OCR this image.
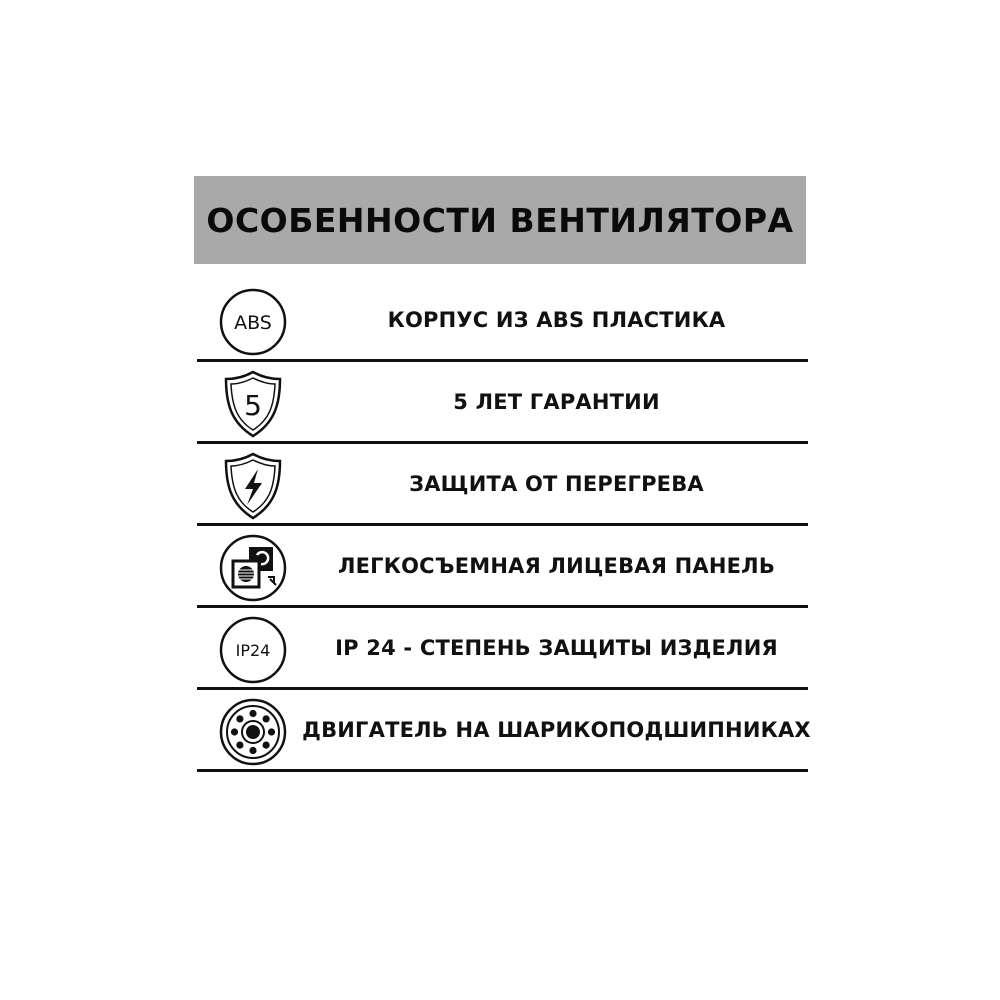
ОСОБЕННОСТИ ВЕНТИЛЯТОРА
ABS	КОРПУС ИЗ ABS ПЛАСТИКА
5	5 ЛЕТ ГАРАНТИИ
ЗАЩИТА ОТ ПЕРЕГРЕВА
ЛЕГКОСЪЕМНАЯ ЛИЦЕВАЯ ПАНЕЛЬ
IP24	IP 24 - СТЕПЕНЬ ЗАЩИТЫ ИЗДЕЛИЯ
ДВИГАТЕЛЬ НА ШАРИКОПОДШИПНИКАХ
